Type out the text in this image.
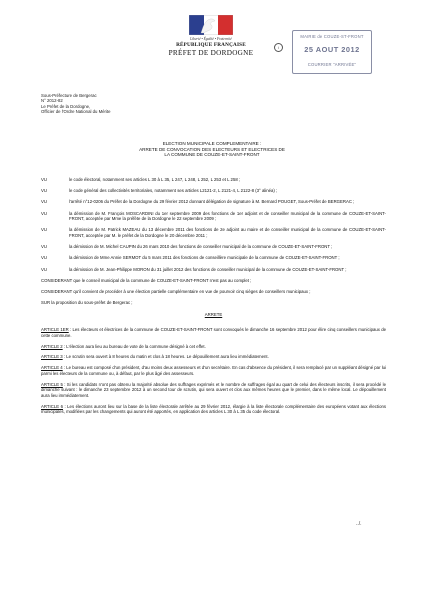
Liberté • Égalité • Fraternité
RÉPUBLIQUE FRANÇAISE
PRÉFET DE DORDOGNE
i
MAIRIE de COUZE-ST-FRONT
25 AOUT 2012
COURRIER "ARRIVÉE"
Sous-Préfecture de Bergerac
N° 2012-82
Le Préfet de la Dordogne,
Officier de l'Ordre National du Mérite
ELECTION MUNICIPALE COMPLEMENTAIRE :
ARRETE DE CONVOCATION DES ELECTEURS ET ELECTRICES DE
LA COMMUNE DE COUZE-ET-SAINT-FRONT
VU	le code électoral, notamment ses articles L 30 à L 35, L 247, L 248, L 252, L 253 et L 258 ;
VU	le code général des collectivités territoriales, notamment ses articles L2121-2, L 2121-4, L 2122-8 (3° alinéa) ;
VU	l'arrêté n°12-0206 du Préfet de la Dordogne du 29 février 2012 donnant délégation de signature à M. Bernard POUGET, Sous-Préfet de BERGERAC ;
VU	la démission de M. François MOSCARDINI du 1er septembre 2009 des fonctions de 1er adjoint et de conseiller municipal de la commune de COUZE-ET-SAINT-FRONT, acceptée par Mme la préfète de la Dordogne le 22 septembre 2009 ;
VU	la démission de M. Patrick MAZEAU du 13 décembre 2011 des fonctions de 2e adjoint au maire et de conseiller municipal de la commune de COUZE-ET-SAINT-FRONT, acceptée par M. le préfet de la Dordogne le 20 décembre 2011 ;
VU	la démission de M. Michel CAUPIN du 26 mars 2010 des fonctions de conseiller municipal de la commune de COUZE-ET-SAINT-FRONT ;
VU	la démission de Mme Annie SERMOT du 5 mars 2011 des fonctions de conseillère municipale de la commune de COUZE-ET-SAINT-FRONT ;
VU	la démission de M. Jean-Philippe MORON du 31 juillet 2012 des fonctions de conseiller municipal de la commune de COUZE-ET-SAINT-FRONT ;
CONSIDERANT que le conseil municipal de la commune de COUZE-ET-SAINT-FRONT n'est pas au complet ;
CONSIDERANT qu'il convient de procéder à une élection partielle complémentaire en vue de pourvoir cinq sièges de conseillers municipaux ;
SUR la proposition du sous-préfet de Bergerac ;
ARRETE
ARTICLE 1ER : Les électeurs et électrices de la commune de COUZE-ET-SAINT-FRONT sont convoqués le dimanche 16 septembre 2012 pour élire cinq conseillers municipaux de cette commune.
ARTICLE 2 : L'élection aura lieu au bureau de vote de la commune désigné à cet effet.
ARTICLE 3 : Le scrutin sera ouvert à 8 heures du matin et clos à 18 heures. Le dépouillement aura lieu immédiatement.
ARTICLE 4 : Le bureau est composé d'un président, d'au moins deux assesseurs et d'un secrétaire. En cas d'absence du président, il sera remplacé par un suppléant désigné par lui parmi les électeurs de la commune ou, à défaut, par le plus âgé des assesseurs.
ARTICLE 5 : Si les candidats n'ont pas obtenu la majorité absolue des suffrages exprimés et le nombre de suffrages égal au quart de celui des électeurs inscrits, il sera procédé le dimanche suivant : le dimanche 23 septembre 2012 à un second tour de scrutin, qui sera ouvert et clos aux mêmes heures que le premier, dans le même local. Le dépouillement aura lieu immédiatement.
ARTICLE 6 : Les élections auront lieu sur la base de la liste électorale arrêtée au 29 février 2012, élargie à la liste électorale complémentaire des européens votant aux élections municipales, modifiées par les changements qui auront été apportés, en application des articles L 30 à L 35 du code électoral.
../.
